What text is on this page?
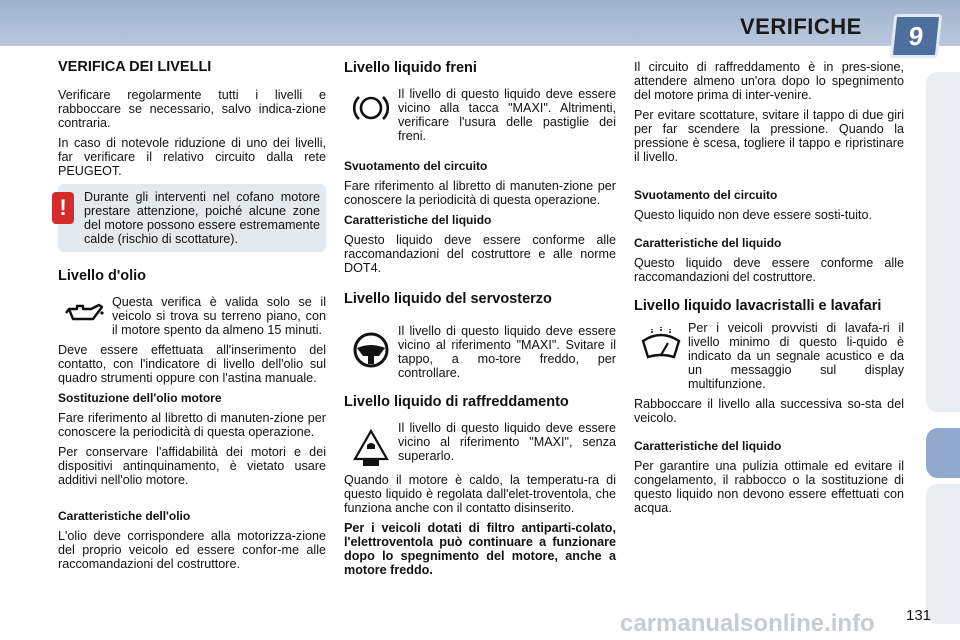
VERIFICHE	9
VERIFICA DEI LIVELLI

Verificare regolarmente tutti i livelli e rabboccare se necessario, salvo indica-zione contraria.

In caso di notevole riduzione di uno dei livelli, far verificare il relativo circuito dalla rete PEUGEOT.

!	Durante gli interventi nel cofano motore prestare attenzione, poiché alcune zone del motore possono essere estremamente calde (rischio di scottature).
Livello d'olio
Questa verifica è valida solo se il veicolo si trova su terreno piano, con il motore spento da almeno 15 minuti.

Deve essere effettuata all'inserimento del contatto, con l'indicatore di livello dell'olio sul quadro strumenti oppure con l'astina manuale.

Sostituzione dell'olio motore

Fare riferimento al libretto di manuten-zione per conoscere la periodicità di questa operazione.

Per conservare l'affidabilità dei motori e dei dispositivi antinquinamento, è vietato usare additivi nell'olio motore.

Caratteristiche dell'olio

L'olio deve corrispondere alla motorizza-zione del proprio veicolo ed essere confor-me alle raccomandazioni del costruttore.

Livello liquido freni
Il livello di questo liquido deve essere vicino alla tacca "MAXI". Altrimenti, verificare l'usura delle pastiglie dei freni.
Svuotamento del circuito

Fare riferimento al libretto di manuten-zione per conoscere la periodicità di questa operazione.

Caratteristiche del liquido

Questo liquido deve essere conforme alle raccomandazioni del costruttore e alle norme DOT4.

Livello liquido del servosterzo
Il livello di questo liquido deve essere vicino al riferimento "MAXI". Svitare il tappo, a mo-tore freddo, per controllare.
Livello liquido di raffreddamento
Il livello di questo liquido deve essere vicino al riferimento "MAXI", senza superarlo.

Quando il motore è caldo, la temperatu-ra di questo liquido è regolata dall'elet-troventola, che funziona anche con il contatto disinserito.

Per i veicoli dotati di filtro antiparti-colato, l'elettroventola può continuare a funzionare dopo lo spegnimento del motore, anche a motore freddo.

Il circuito di raffreddamento è in pres-sione, attendere almeno un'ora dopo lo spegnimento del motore prima di inter-venire.

Per evitare scottature, svitare il tappo di due giri per far scendere la pressione. Quando la pressione è scesa, togliere il tappo e ripristinare il livello.

Svuotamento del circuito

Questo liquido non deve essere sosti-tuito.

Caratteristiche del liquido

Questo liquido deve essere conforme alle raccomandazioni del costruttore.

Livello liquido lavacristalli e lavafari
Per i veicoli provvisti di lavafa-ri il livello minimo di questo li-quido è indicato da un segnale acustico e da un messaggio sul display multifunzione.

Rabboccare il livello alla successiva so-sta del veicolo.

Caratteristiche del liquido

Per garantire una pulizia ottimale ed evitare il congelamento, il rabbocco o la sostituzione di questo liquido non devono essere effettuati con acqua.

carmanualsonline.info 131
